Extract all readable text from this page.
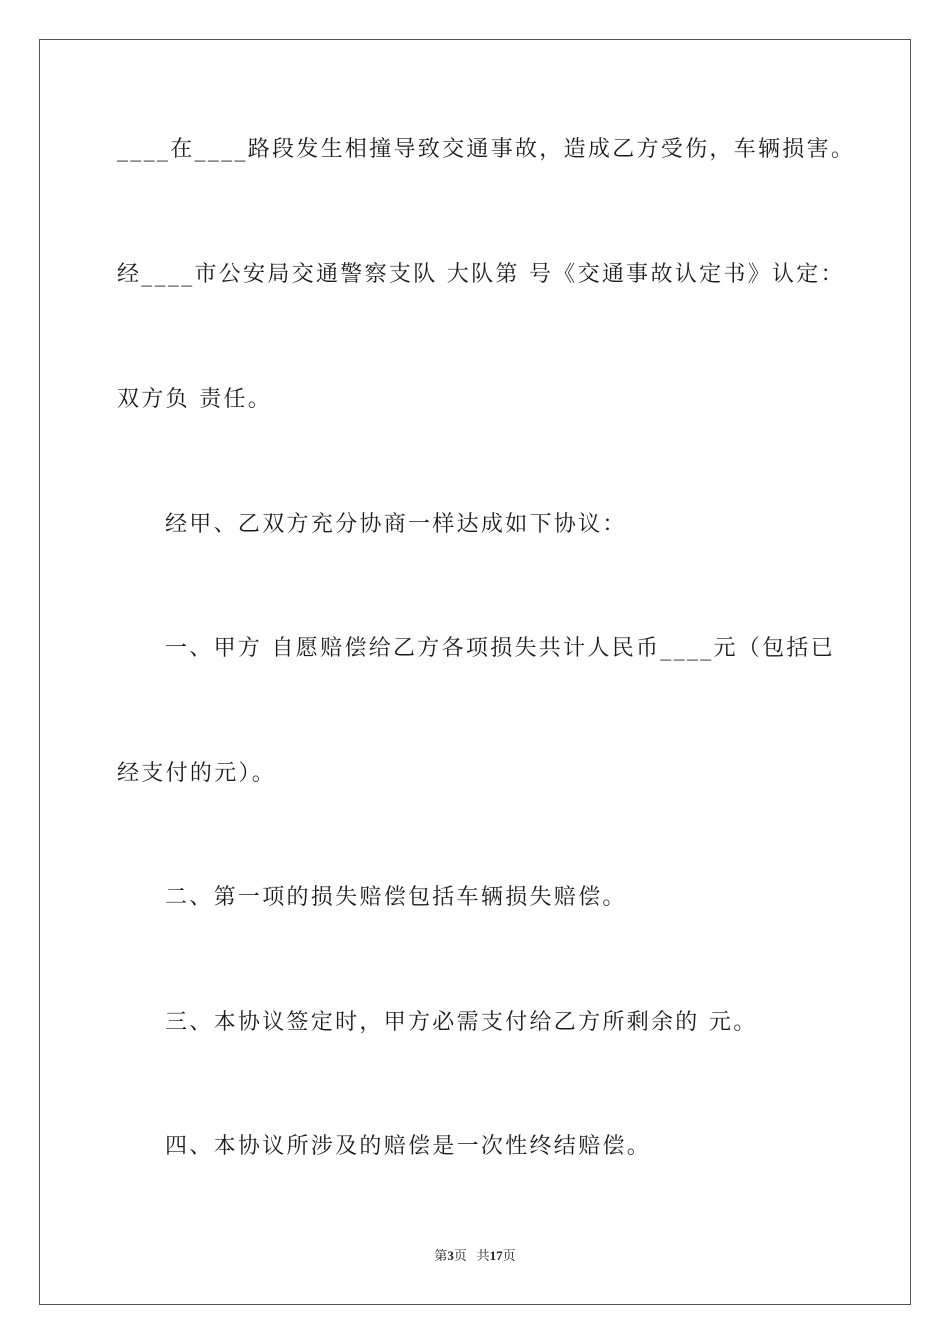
____在____路段发生相撞导致交通事故，造成乙方受伤，车辆损害。
经____市公安局交通警察支队 大队第 号《交通事故认定书》认定：
双方负 责任。
经甲、乙双方充分协商一样达成如下协议：
一、甲方 自愿赔偿给乙方各项损失共计人民币____元（包括已
经支付的元）。
二、第一项的损失赔偿包括车辆损失赔偿。
三、本协议签定时，甲方必需支付给乙方所剩余的 元。
四、本协议所涉及的赔偿是一次性终结赔偿。
第3页 共17页
